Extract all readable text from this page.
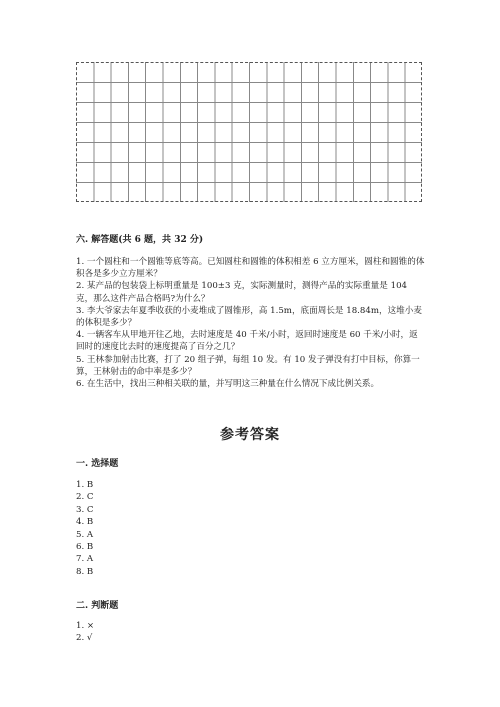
六. 解答题(共 6 题，共 32 分)

1. 一个圆柱和一个圆锥等底等高。已知圆柱和圆锥的体积相差 6 立方厘米，圆柱和圆锥的体积各是多少立方厘米？

2. 某产品的包装袋上标明重量是 100±3 克，实际测量时，测得产品的实际重量是 104 克，那么这件产品合格吗?为什么？

3. 李大爷家去年夏季收获的小麦堆成了圆锥形，高 1.5m，底面周长是 18.84m，这堆小麦的体积是多少？

4. 一辆客车从甲地开往乙地，去时速度是 40 千米/小时，返回时速度是 60 千米/小时，返回时的速度比去时的速度提高了百分之几？

5. 王林参加射击比赛，打了 20 组子弹，每组 10 发。有 10 发子弹没有打中目标，你算一算，王林射击的命中率是多少？

6. 在生活中，找出三种相关联的量，并写明这三种量在什么情况下成比例关系。

参考答案
一. 选择题
1. B
2. C
3. C
4. B
5. A
6. B
7. A
8. B
二. 判断题
1. ×
2. √
